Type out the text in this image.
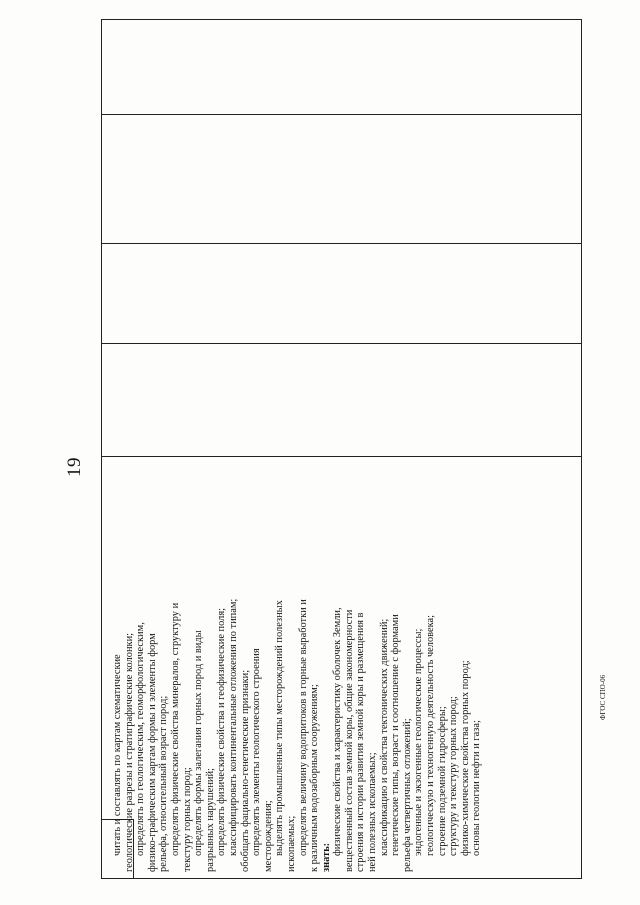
19
читать и составлять по картам схематические геологические разрезы и стратиграфические колонки; определять по геологическим, геоморфологическим, физико-графическим картам формы и элементы форм рельефа, относительный возраст пород; определять физические свойства минералов, структуру и текстуру горных пород; определять формы залегания горных пород и виды разрывных нарушений; определять физические свойства и геофизические поля; классифицировать континентальные отложения по типам; обобщать фациально-генетические признаки; определять элементы геологического строения месторождения; выделять промышленные типы месторождений полезных ископаемых; определять величину водопритоков в горные выработки и к различным водозаборным сооружениям; знать:
физические свойства и характеристику оболочек Земли, вещественный состав земной коры, общие закономерности строения и истории развития земной коры и размещения в ней полезных ископаемых; классификацию и свойства тектонических движений; генетические типы, возраст и соотношение с формами рельефа четвертичных отложений; эндогенные и экзогенные геологические процессы; геологическую и техногенную деятельность человека; строение подземной гидросферы; структуру и текстуру горных пород; физико-химические свойства горных пород; основы геологии нефти и газа;
ФГОС СПО-06
